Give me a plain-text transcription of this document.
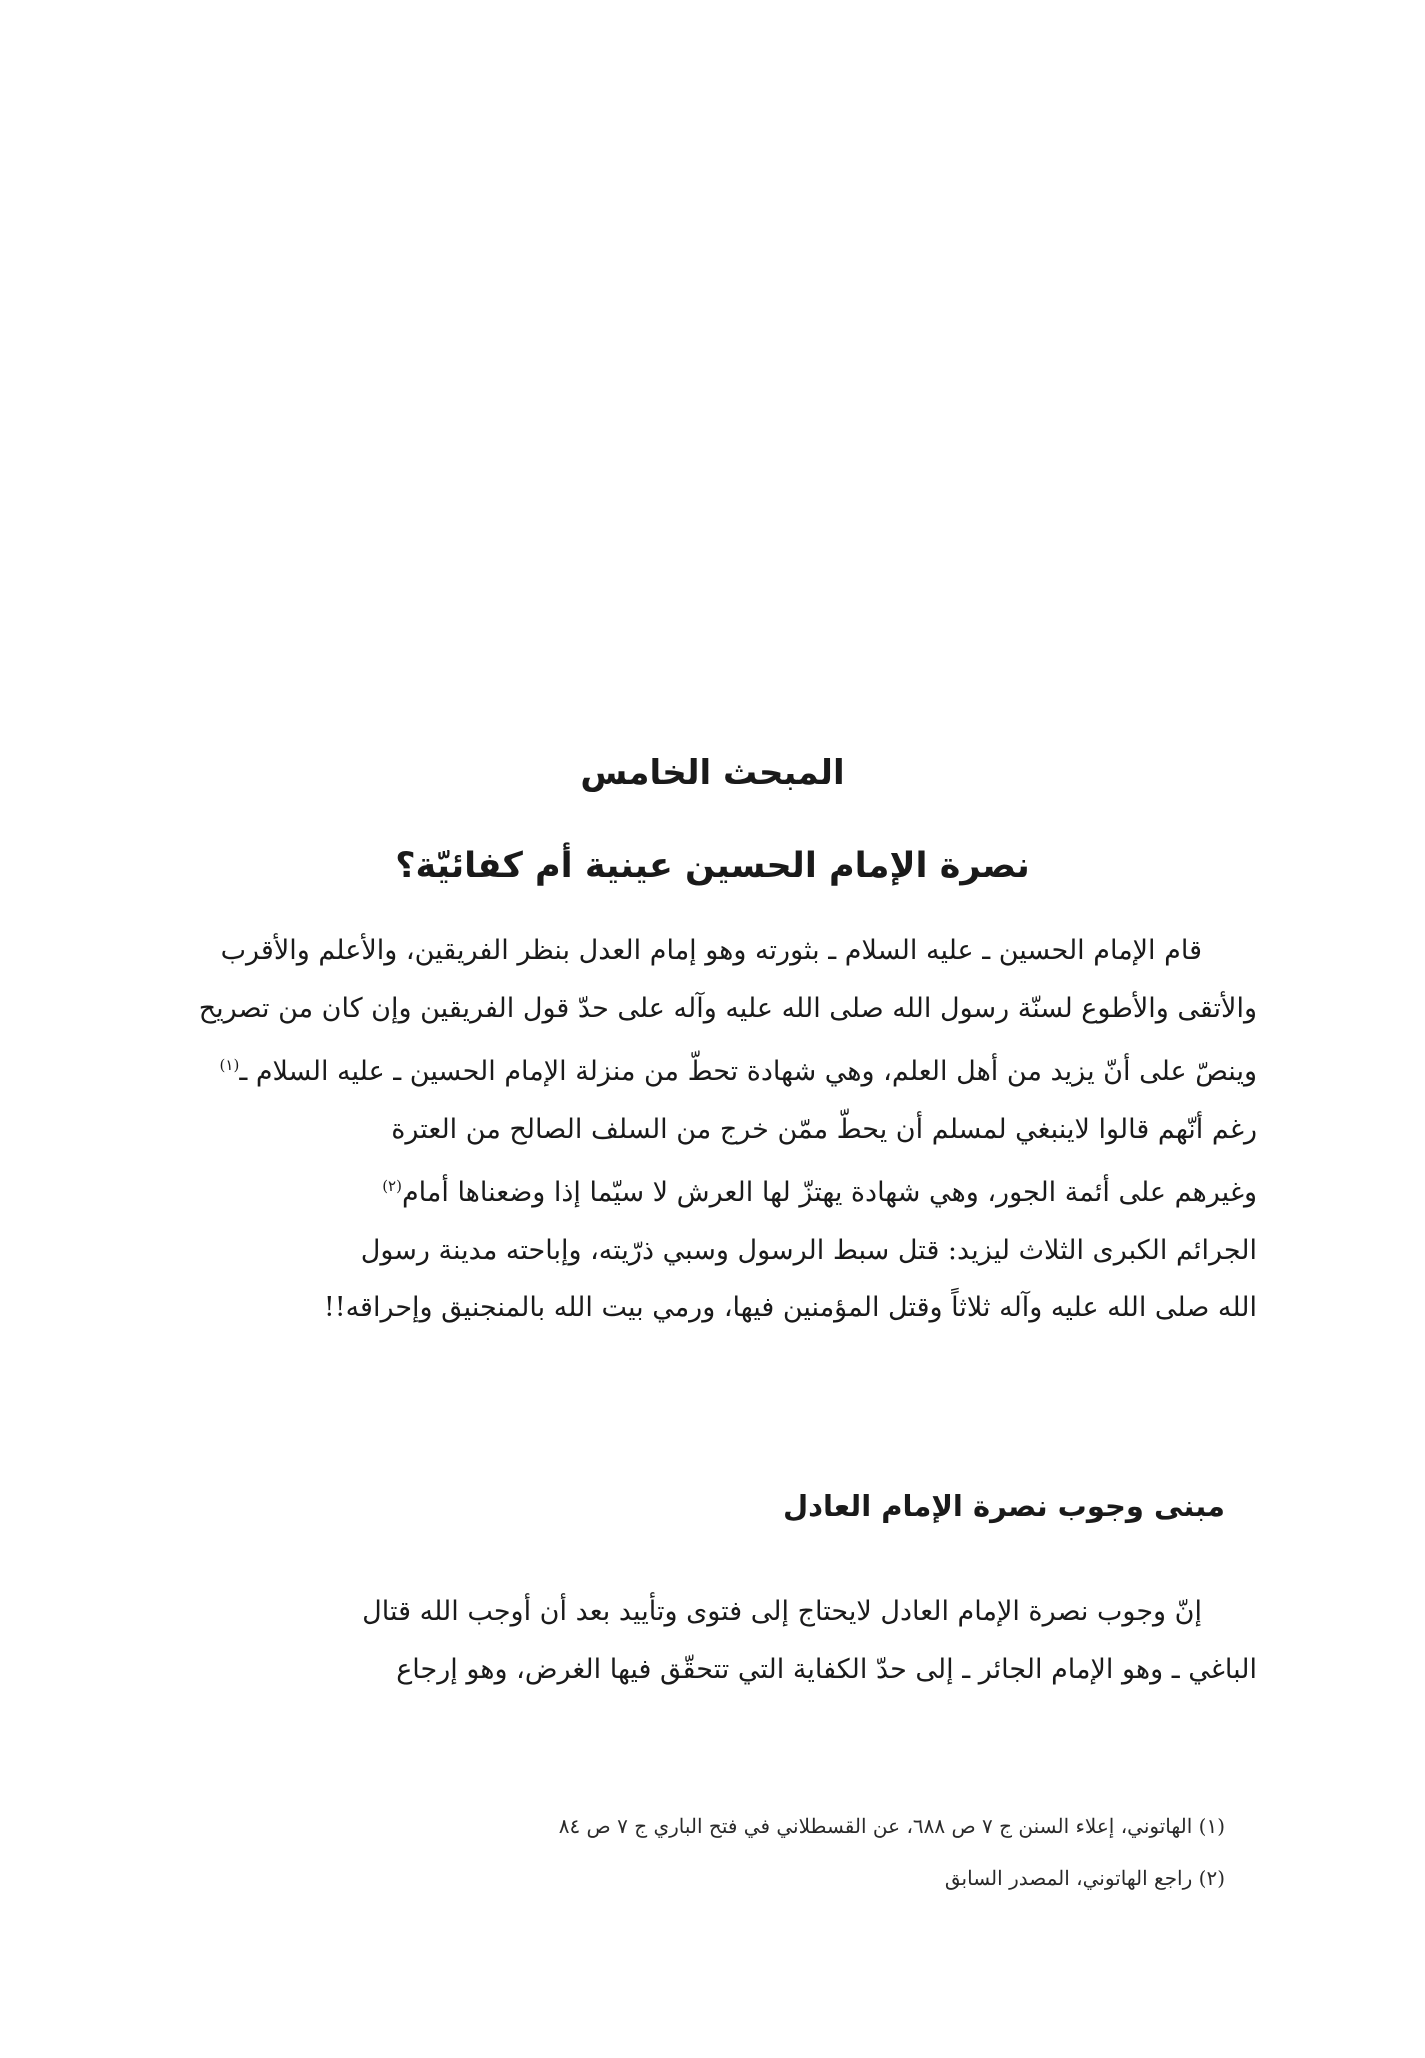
المبحث الخامس
نصرة الإمام الحسين عينية أم كفائيّة؟
قام الإمام الحسين ـ عليه السلام ـ بثورته وهو إمام العدل بنظر الفريقين، والأعلم والأقرب
والأتقى والأطوع لسنّة رسول الله صلى الله عليه وآله على حدّ قول الفريقين وإن كان من تصريح
وينصّ على أنّ يزيد من أهل العلم، وهي شهادة تحطّ من منزلة الإمام الحسين ـ عليه السلام ـ$^{(١)}$
رغم أنّهم قالوا لاينبغي لمسلم أن يحطّ ممّن خرج من السلف الصالح من العترة
وغيرهم على أئمة الجور، وهي شهادة يهتزّ لها العرش لا سيّما إذا وضعناها أمام$^{(٢)}$
الجرائم الكبرى الثلاث ليزيد: قتل سبط الرسول وسبي ذرّيته، وإباحته مدينة رسول
الله صلى الله عليه وآله ثلاثاً وقتل المؤمنين فيها، ورمي بيت الله بالمنجنيق وإحراقه!!
مبنى وجوب نصرة الإمام العادل
إنّ وجوب نصرة الإمام العادل لايحتاج إلى فتوى وتأييد بعد أن أوجب الله قتال
الباغي ـ وهو الإمام الجائر ـ إلى حدّ الكفاية التي تتحقّق فيها الغرض، وهو إرجاع
(١) الهاتوني، إعلاء السنن ج ٧ ص ٦٨٨، عن القسطلاني في فتح الباري ج ٧ ص ٨٤
(٢) راجع الهاتوني، المصدر السابق
